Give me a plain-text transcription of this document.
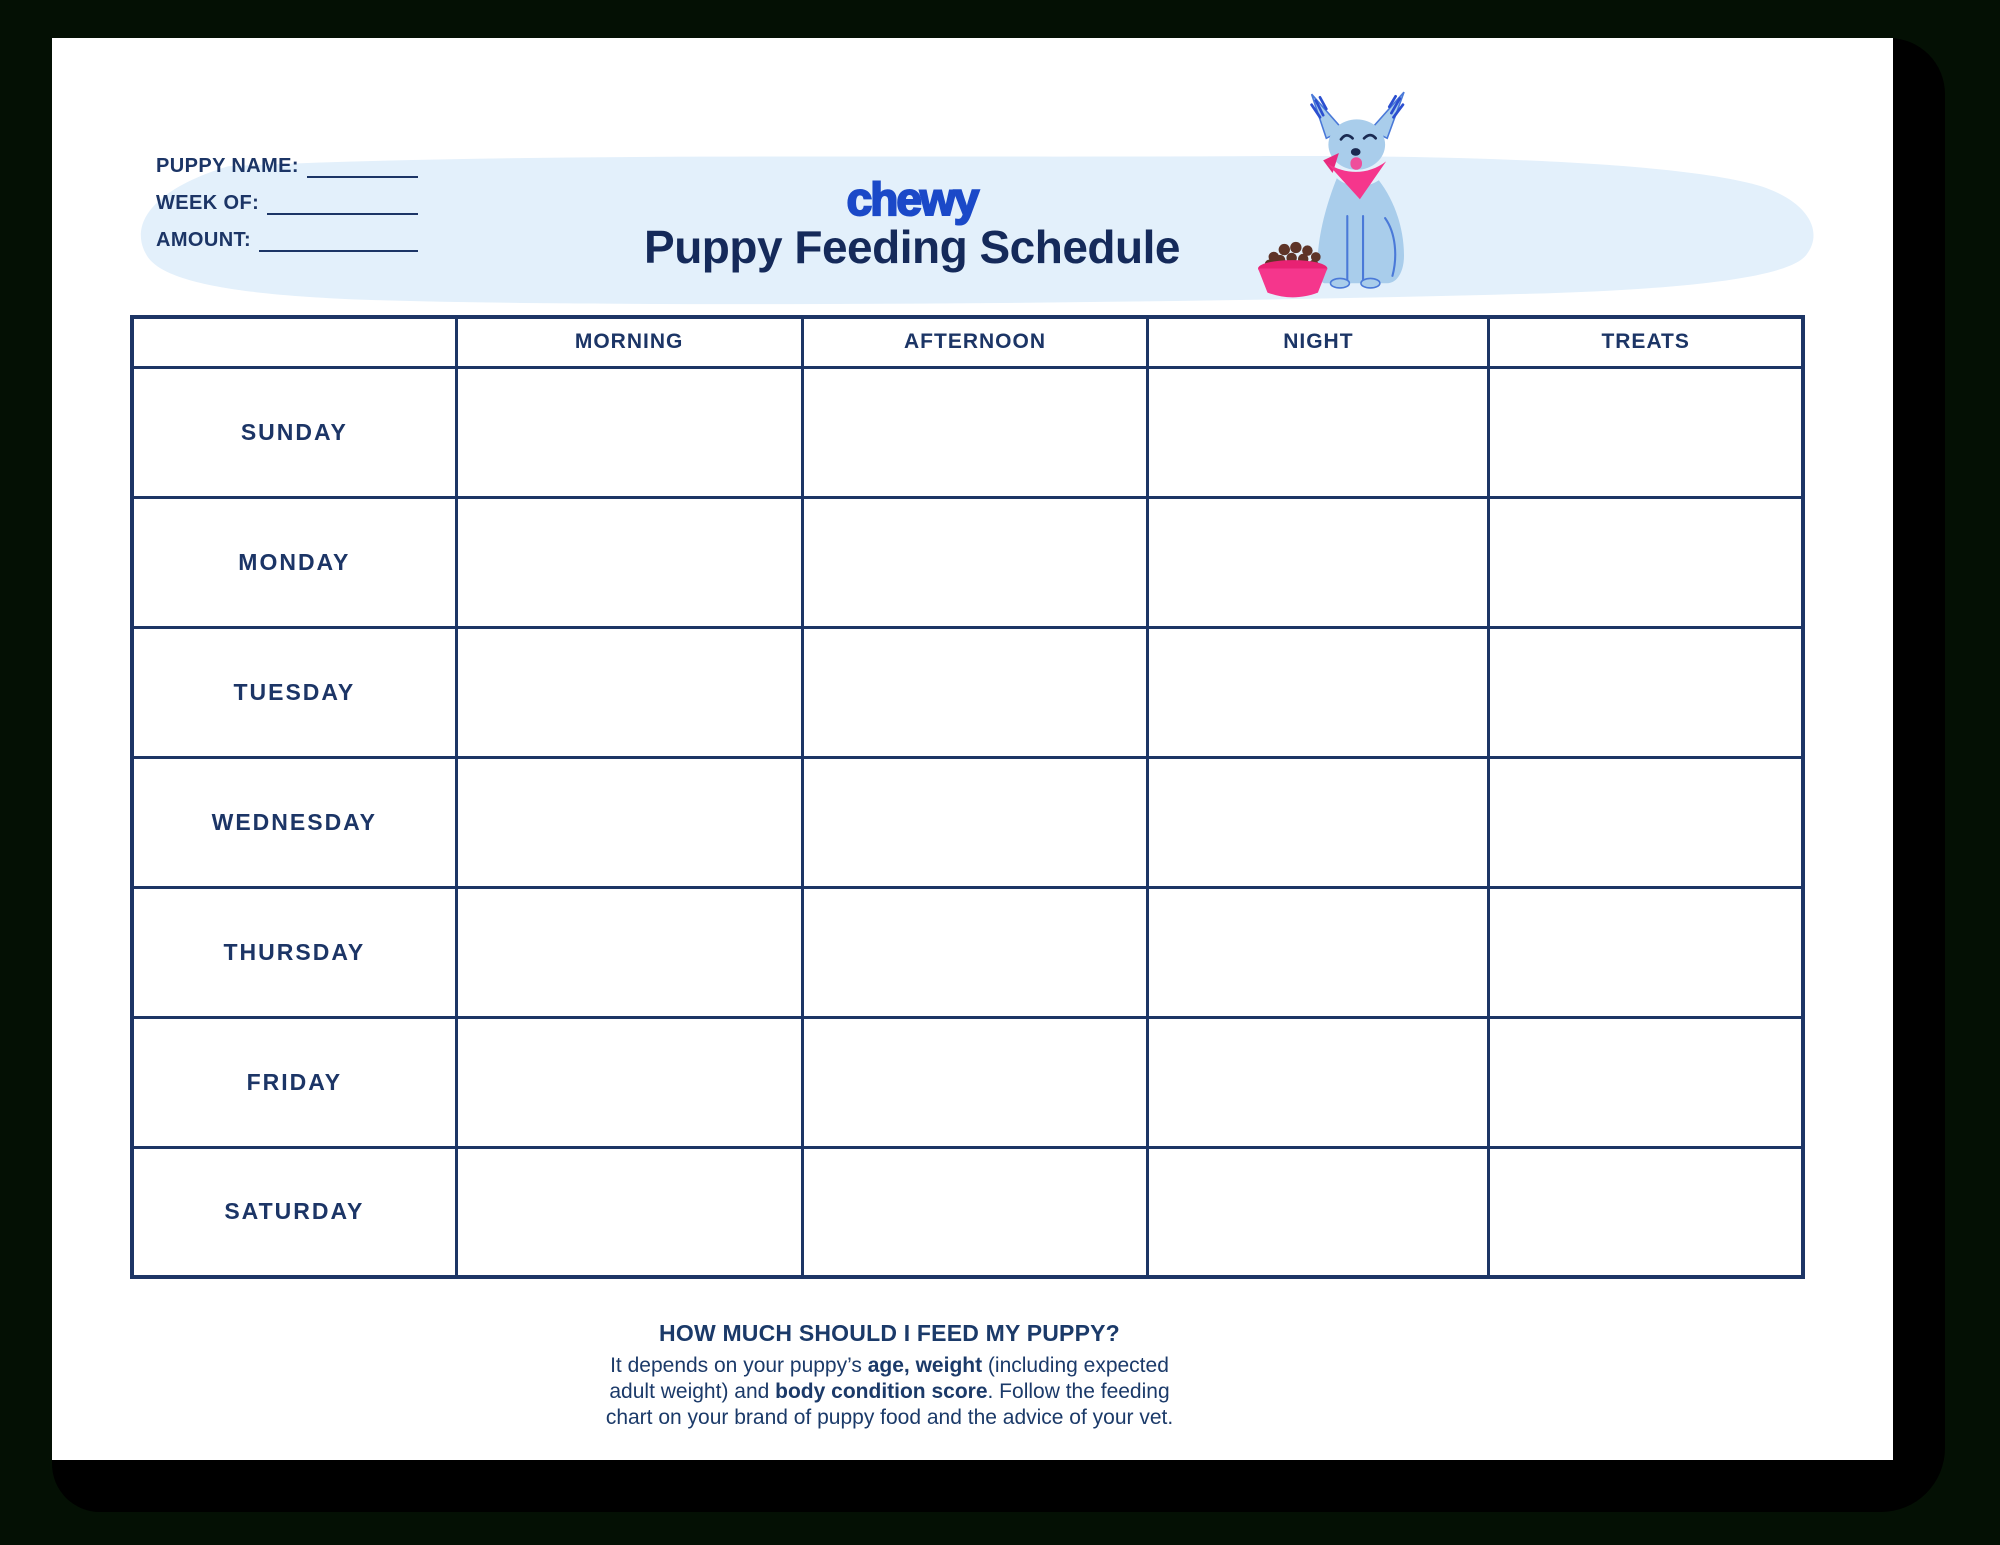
PUPPY NAME:
WEEK OF:
AMOUNT:
chewy
Puppy Feeding Schedule
	MORNING	AFTERNOON	NIGHT	TREATS
SUNDAY				
MONDAY				
TUESDAY				
WEDNESDAY				
THURSDAY				
FRIDAY				
SATURDAY				
HOW MUCH SHOULD I FEED MY PUPPY?
It depends on your puppy’s age, weight (including expected
adult weight) and body condition score. Follow the feeding
chart on your brand of puppy food and the advice of your vet.
